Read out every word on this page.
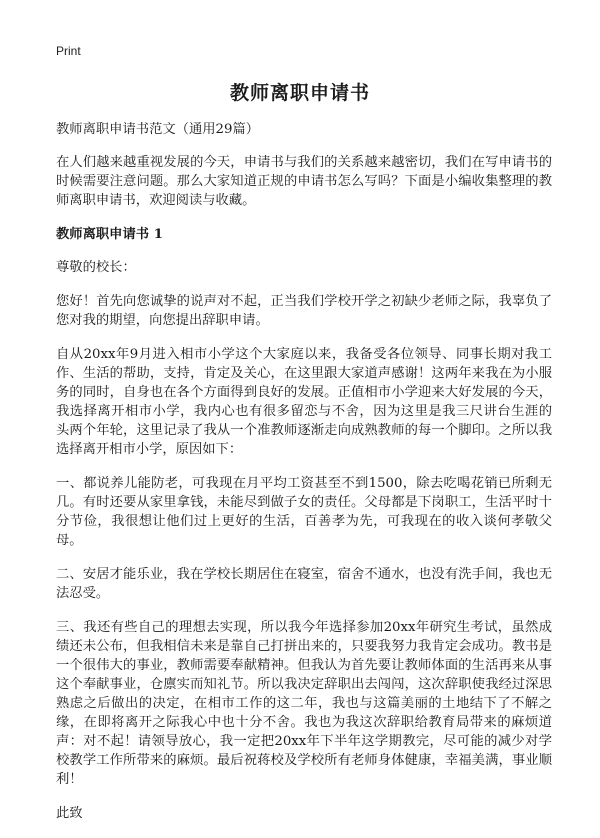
Print
教师离职申请书

教师离职申请书范文（通用29篇）

在人们越来越重视发展的今天，申请书与我们的关系越来越密切，我们在写申请书的时候需要注意问题。那么大家知道正规的申请书怎么写吗？下面是小编收集整理的教师离职申请书，欢迎阅读与收藏。

教师离职申请书 1

尊敬的校长：

您好！首先向您诚挚的说声对不起，正当我们学校开学之初缺少老师之际，我辜负了您对我的期望，向您提出辞职申请。

自从20xx年9月进入相市小学这个大家庭以来，我备受各位领导、同事长期对我工作、生活的帮助，支持，肯定及关心，在这里跟大家道声感谢！这两年来我在为小服务的同时，自身也在各个方面得到良好的发展。正值相市小学迎来大好发展的今天，我选择离开相市小学，我内心也有很多留恋与不舍，因为这里是我三尺讲台生涯的 头两个年轮，这里记录了我从一个准教师逐渐走向成熟教师的每一个脚印。之所以我选择离开相市小学，原因如下：

一、都说养儿能防老，可我现在月平均工资甚至不到1500，除去吃喝花销已所剩无几。有时还要从家里拿钱，未能尽到做子女的责任。父母都是下岗职工，生活平时十分节俭，我很想让他们过上更好的生活，百善孝为先，可我现在的收入谈何孝敬父母。

二、安居才能乐业，我在学校长期居住在寝室，宿舍不通水，也没有洗手间，我也无法忍受。

三、我还有些自己的理想去实现，所以我今年选择参加20xx年研究生考试，虽然成绩还未公布，但我相信未来是靠自己打拼出来的，只要我努力我肯定会成功。教书是一个很伟大的事业，教师需要奉献精神。但我认为首先要让教师体面的生活再来从事这个奉献事业，仓廪实而知礼节。所以我决定辞职出去闯闯，这次辞职使我经过深思熟虑之后做出的决定，在相市工作的这二年，我也与这篇美丽的土地结下了不解之缘，在即将离开之际我心中也十分不舍。我也为我这次辞职给教育局带来的麻烦道声：对不起！请领导放心，我一定把20xx年下半年这学期教完，尽可能的减少对学校教学工作所带来的麻烦。最后祝蒋校及学校所有老师身体健康，幸福美满，事业顺利！

此致
